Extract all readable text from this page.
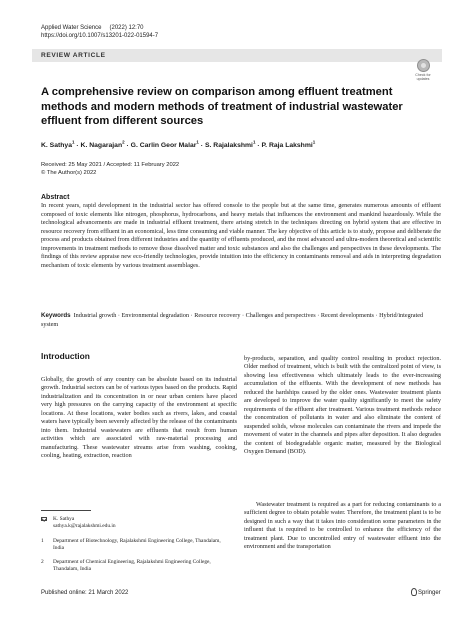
Applied Water Science (2022) 12:70
https://doi.org/10.1007/s13201-022-01594-7
REVIEW ARTICLE
Check for updates
A comprehensive review on comparison among effluent treatment methods and modern methods of treatment of industrial wastewater effluent from different sources
K. Sathya$^1$ · K. Nagarajan$^2$ · G. Carlin Geor Malar$^1$ · S. Rajalakshmi$^1$ · P. Raja Lakshmi$^1$
Received: 25 May 2021 / Accepted: 11 February 2022
© The Author(s) 2022
Abstract
In recent years, rapid development in the industrial sector has offered console to the people but at the same time, generates numerous amounts of effluent composed of toxic elements like nitrogen, phosphorus, hydrocarbons, and heavy metals that influences the environment and mankind hazardously. While the technological advancements are made in industrial effluent treatment, there arising stretch in the techniques directing on hybrid system that are effective in resource recovery from effluent in an economical, less time consuming and viable manner. The key objective of this article is to study, propose and deliberate the process and products obtained from different industries and the quantity of effluents produced, and the most advanced and ultra-modern theoretical and scientific improvements in treatment methods to remove those dissolved matter and toxic substances and also the challenges and perspectives in these developments. The findings of this review appraise new eco-friendly technologies, provide intuition into the efficiency in contaminants removal and aids in interpreting degradation mechanism of toxic elements by various treatment assemblages.
Keywords Industrial growth · Environmental degradation · Resource recovery · Challenges and perspectives · Recent developments · Hybrid/integrated system
Introduction
Globally, the growth of any country can be absolute based on its industrial growth. Industrial sectors can be of various types based on the products. Rapid industrialization and its concentration in or near urban centers have placed very high pressures on the carrying capacity of the environment at specific locations. At these locations, water bodies such as rivers, lakes, and coastal waters have typically been severely affected by the release of the contaminants into them. Industrial wastewaters are effluents that result from human activities which are associated with raw-material processing and manufacturing. These wastewater streams arise from washing, cooking, cooling, heating, extraction, reaction
by-products, separation, and quality control resulting in product rejection. Older method of treatment, which is built with the centralized point of view, is showing less effectiveness which ultimately leads to the ever-increasing accumulation of the effluents. With the development of new methods has reduced the hardships caused by the older ones. Wastewater treatment plants are developed to improve the water quality significantly to meet the safety requirements of the effluent after treatment. Various treatment methods reduce the concentration of pollutants in water and also eliminate the content of suspended solids, whose molecules can contaminate the rivers and impede the movement of water in the channels and pipes after deposition. It also degrades the content of biodegradable organic matter, measured by the Biological Oxygen Demand (BOD).
Wastewater treatment is required as a part for reducing contaminants to a sufficient degree to obtain potable water. Therefore, the treatment plant is to be designed in such a way that it takes into consideration some parameters in the influent that is required to be controlled to enhance the efficiency of the treatment plant. Due to uncontrolled entry of wastewater effluent into the environment and the transportation
K. Sathya
sathya.k@rajalakshmi.edu.in
1	Department of Biotechnology, Rajalakshmi Engineering College, Thandalam, India
2	Department of Chemical Engineering, Rajalakshmi Engineering College, Thandalam, India
Published online: 21 March 2022	Springer
